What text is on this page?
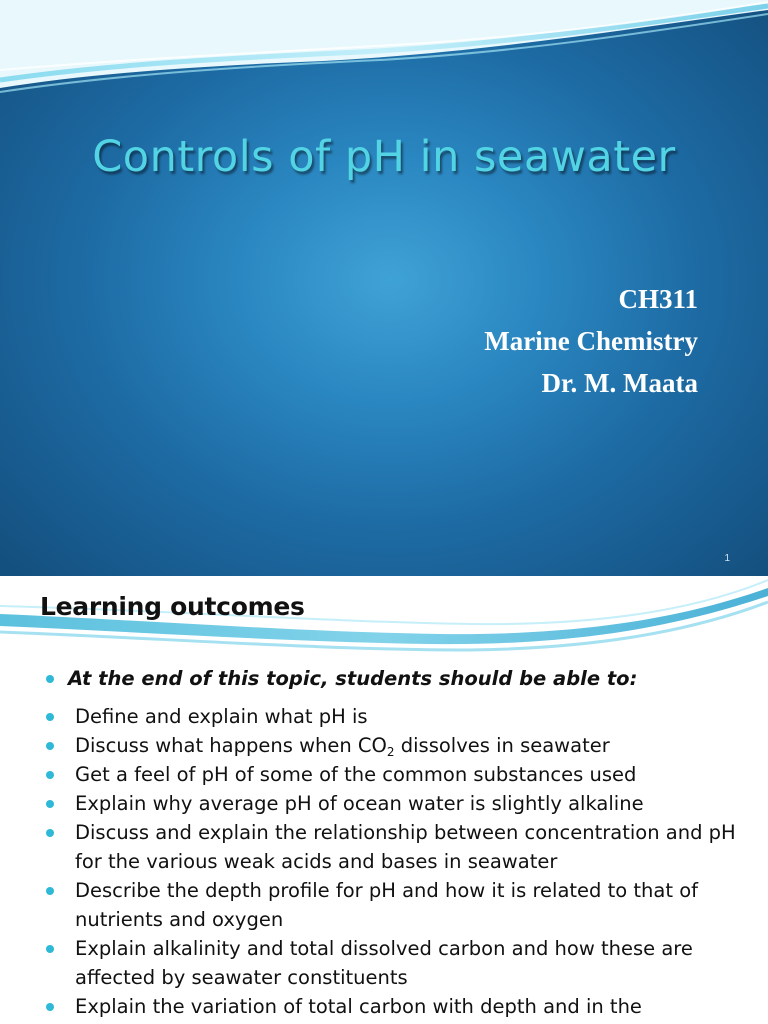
Controls of pH in seawater
CH311
Marine Chemistry
Dr. M. Maata
1
Learning outcomes
At the end of this topic, students should be able to:
Define and explain what pH is
Discuss what happens when $CO_2$ dissolves in seawater
Get a feel of pH of some of the common substances used
Explain why average pH of ocean water is slightly alkaline
Discuss and explain the relationship between concentration and pH for the various weak acids and bases in seawater
Describe the depth profile for pH and how it is related to that of nutrients and oxygen
Explain alkalinity and total dissolved carbon and how these are affected by seawater constituents
Explain the variation of total carbon with depth and in the
